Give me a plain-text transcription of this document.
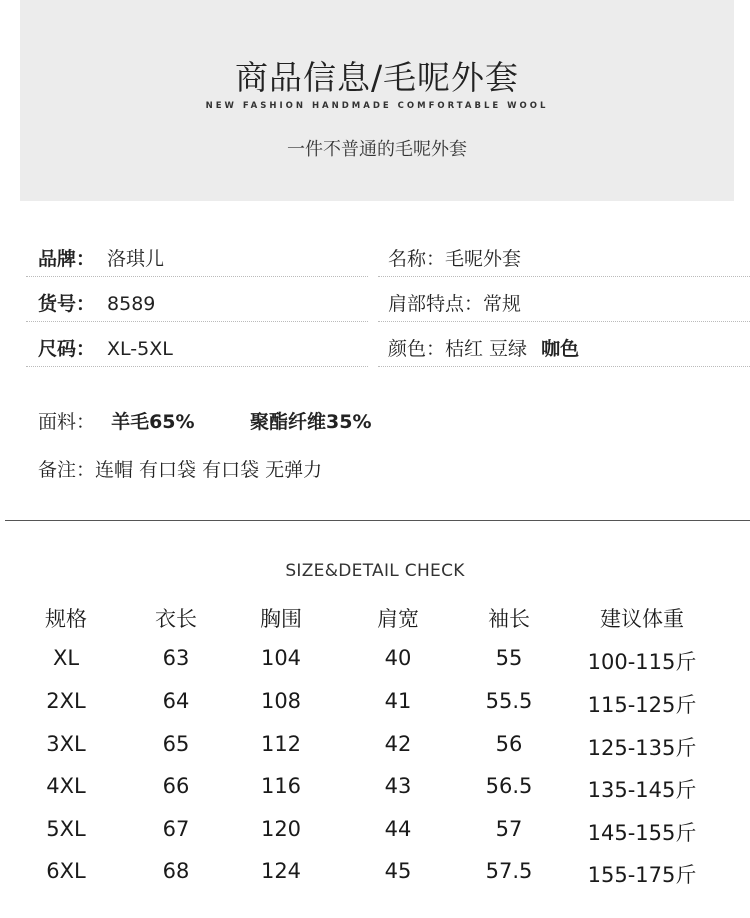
商品信息/毛呢外套
NEW FASHION HANDMADE COMFORTABLE WOOL
一件不普通的毛呢外套
品牌： 洛琪儿
货号： 8589
尺码： XL-5XL
名称：毛呢外套
肩部特点：常规
颜色：桔红 豆绿 咖色
面料： 羊毛65%	聚酯纤维35%
备注：连帽 有口袋 有口袋 无弹力
SIZE&DETAIL CHECK
规格	衣长	胸围	肩宽	袖长	建议体重
XL	63	104	40	55	100-115斤
2XL	64	108	41	55.5	115-125斤
3XL	65	112	42	56	125-135斤
4XL	66	116	43	56.5	135-145斤
5XL	67	120	44	57	145-155斤
6XL	68	124	45	57.5	155-175斤
